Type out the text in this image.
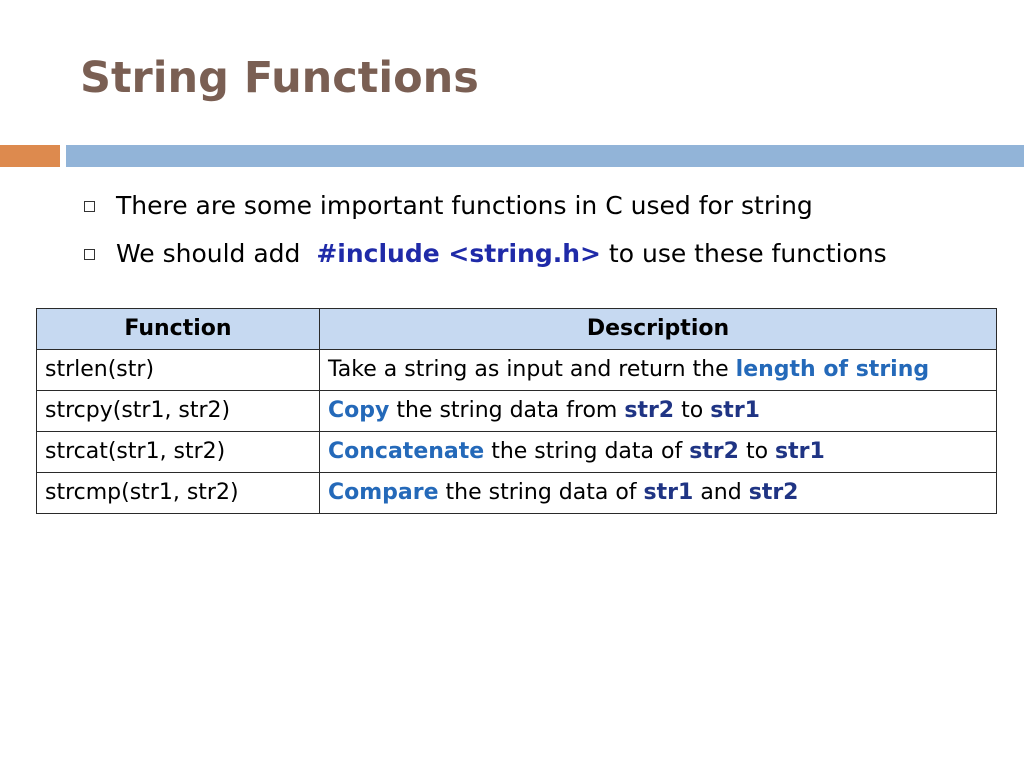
String Functions
There are some important functions in C used for string
We should add  #include <string.h> to use these functions
Function	Description
strlen(str)	Take a string as input and return the length of string
strcpy(str1, str2)	Copy the string data from str2 to str1
strcat(str1, str2)	Concatenate the string data of str2 to str1
strcmp(str1, str2)	Compare the string data of str1 and str2
